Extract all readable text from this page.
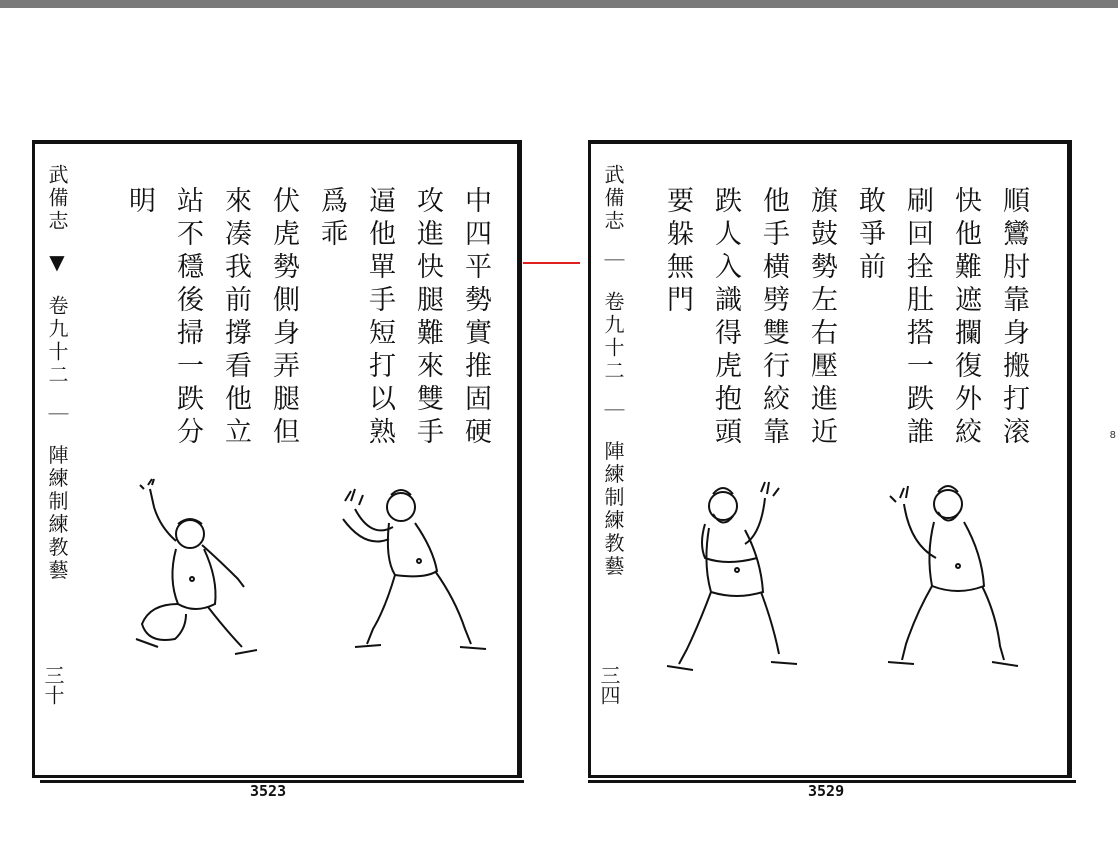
武備志 ▼ 卷九十二 ｜ 陣練制練教藝
三十
中四平勢實推固硬
攻進快腿難來雙手
逼他單手短打以熟
爲乖
伏虎勢側身弄腿但
來凑我前撐看他立
站不穩後掃一跌分
明
3523
武備志 ｜ 卷九十二 ｜ 陣練制練教藝
三四
順鸞肘靠身搬打滚
快他難遮攔復外絞
刷回拴肚搭一跌誰
敢爭前
旗鼓勢左右壓進近
他手横劈雙行絞靠
跌人入識得虎抱頭
要躲無門
3529
8
